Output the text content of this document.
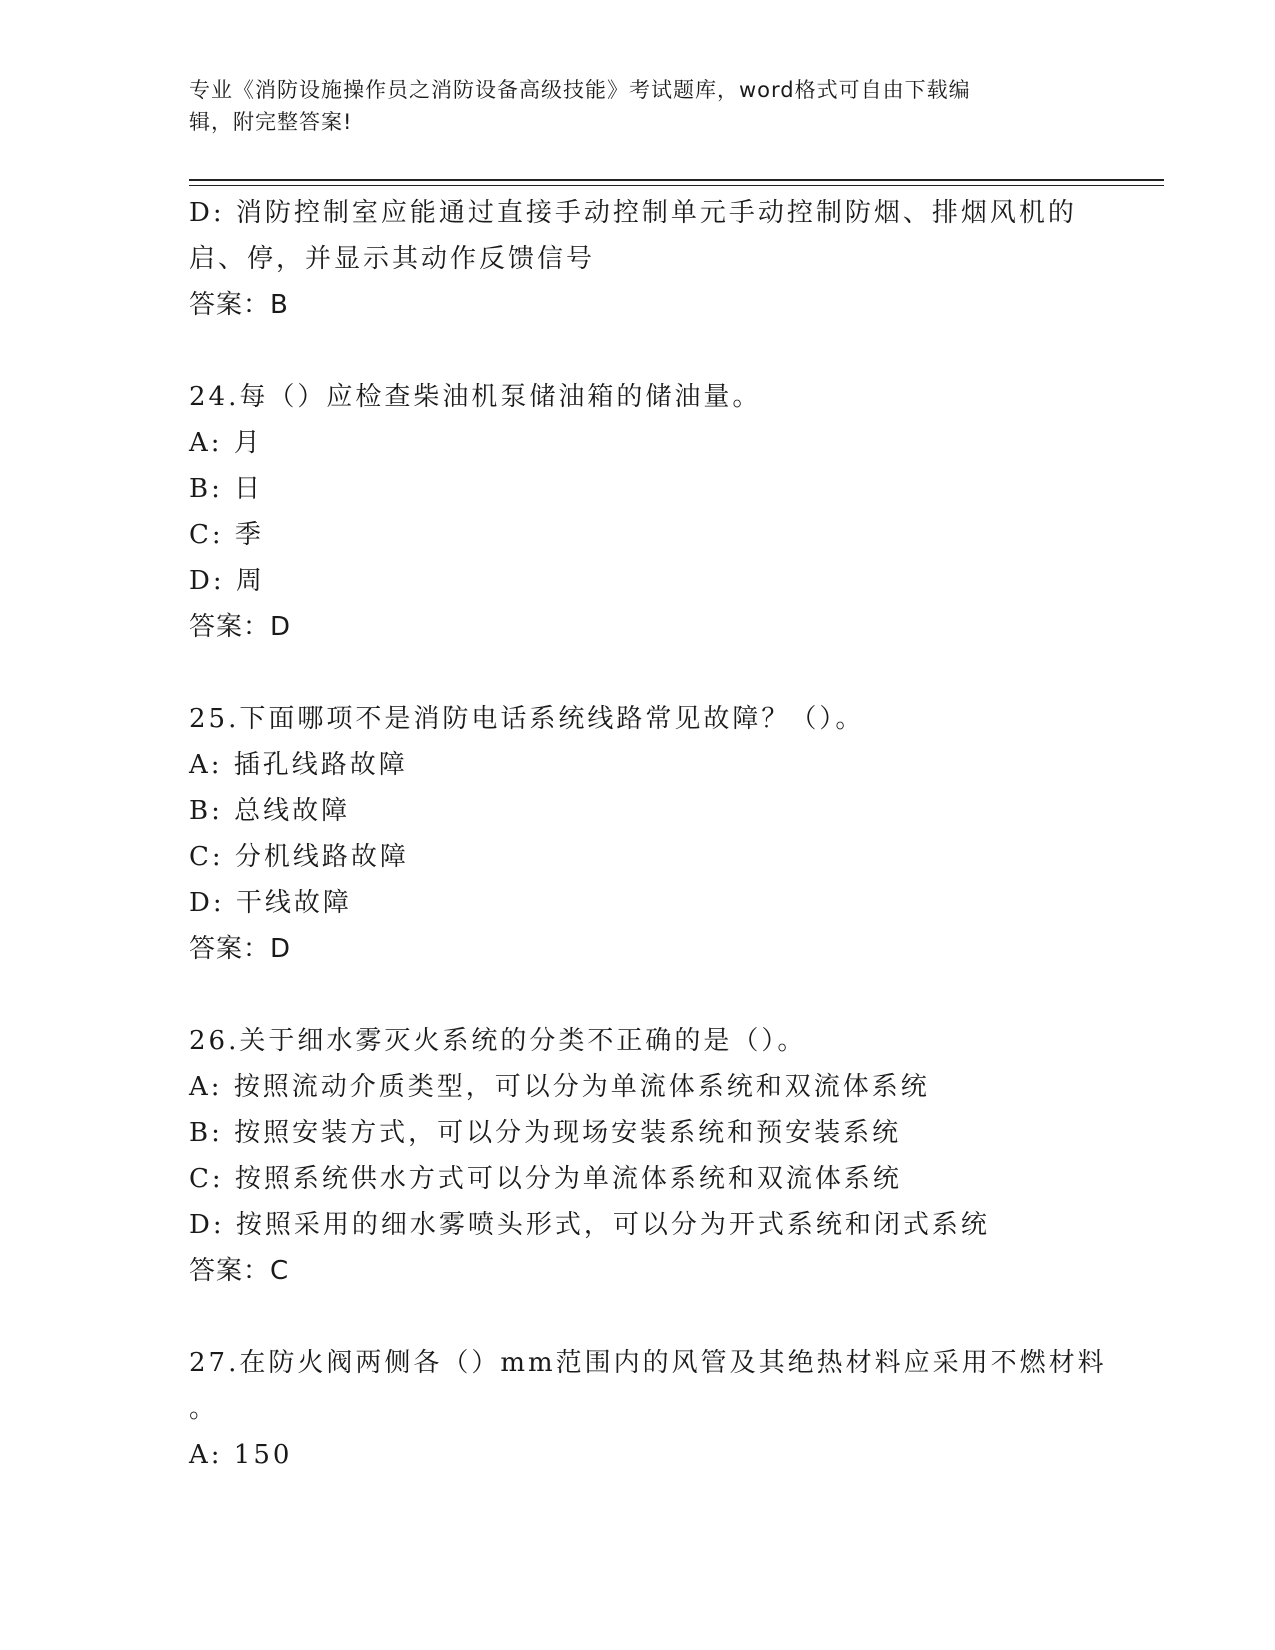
专业《消防设施操作员之消防设备高级技能》考试题库，word格式可自由下载编
辑，附完整答案!
D: 消防控制室应能通过直接手动控制单元手动控制防烟、排烟风机的
启、停，并显示其动作反馈信号
答案：B
24.每（）应检查柴油机泵储油箱的储油量。
A: 月
B: 日
C: 季
D: 周
答案：D
25.下面哪项不是消防电话系统线路常见故障？（）。
A: 插孔线路故障
B: 总线故障
C: 分机线路故障
D: 干线故障
答案：D
26.关于细水雾灭火系统的分类不正确的是（）。
A: 按照流动介质类型，可以分为单流体系统和双流体系统
B: 按照安装方式，可以分为现场安装系统和预安装系统
C: 按照系统供水方式可以分为单流体系统和双流体系统
D: 按照采用的细水雾喷头形式，可以分为开式系统和闭式系统
答案：C
27.在防火阀两侧各（）mm范围内的风管及其绝热材料应采用不燃材料
。
A: 150
